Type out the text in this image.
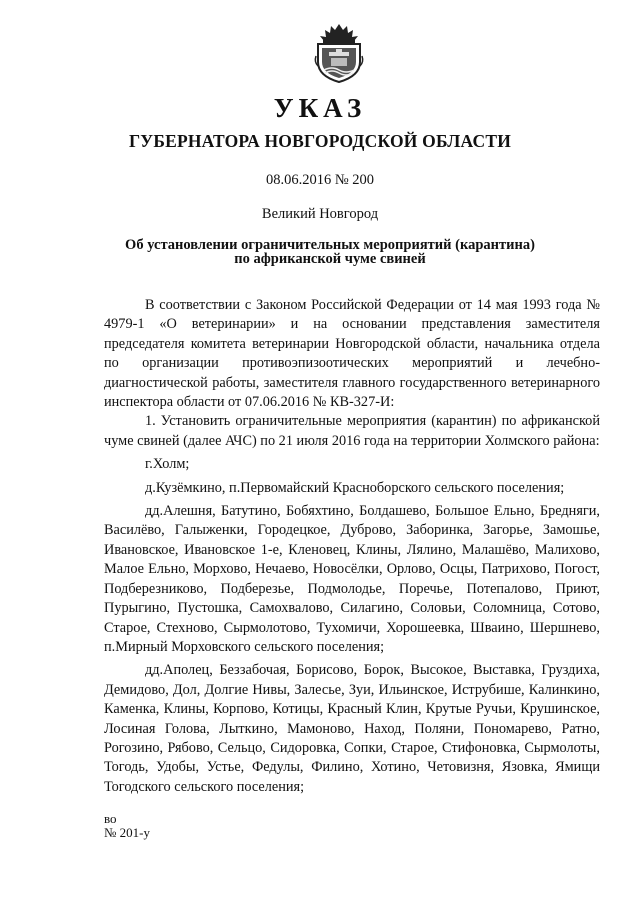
УКАЗ
ГУБЕРНАТОРА НОВГОРОДСКОЙ ОБЛАСТИ
08.06.2016 № 200
Великий Новгород
Об установлении ограничительных мероприятий (карантина)
по африканской чуме свиней

В соответствии с Законом Российской Федерации от 14 мая 1993 года № 4979-1 «О ветеринарии» и на основании представления заместителя председателя комитета ветеринарии Новгородской области, начальника отдела по организации противоэпизоотических мероприятий и лечебно-диагностической работы, заместителя главного государственного ветеринарного инспектора области от 07.06.2016 № КВ-327-И:

1. Установить ограничительные мероприятия (карантин) по африканской чуме свиней (далее АЧС) по 21 июля 2016 года на территории Холмского района:

г.Холм;

д.Кузёмкино, п.Первомайский Красноборского сельского поселения;

дд.Алешня, Батутино, Бобяхтино, Болдашево, Большое Ельно, Бредняги, Василёво, Галыженки, Городецкое, Дуброво, Заборинка, Загорье, Замошье, Ивановское, Ивановское 1-е, Кленовец, Клины, Лялино, Малашёво, Малихово, Малое Ельно, Морхово, Нечаево, Новосёлки, Орлово, Осцы, Патрихово, Погост, Подберезниково, Подберезье, Подмолодье, Поречье, Потепалово, Приют, Пурыгино, Пустошка, Самохвалово, Силагино, Соловьи, Соломница, Сотово, Старое, Стехново, Сырмолотово, Тухомичи, Хорошеевка, Шваино, Шершнево, п.Мирный Морховского сельского поселения;

дд.Аполец, Беззабочая, Борисово, Борок, Высокое, Выставка, Груздиха, Демидово, Дол, Долгие Нивы, Залесье, Зуи, Ильинское, Иструбише, Калинкино, Каменка, Клины, Корпово, Котицы, Красный Клин, Крутые Ручьи, Крушинское, Лосиная Голова, Лыткино, Мамоново, Наход, Поляни, Пономарево, Ратно, Рогозино, Рябово, Сельцо, Сидоровка, Сопки, Старое, Стифоновка, Сырмолоты, Тогодь, Удобы, Устье, Федулы, Филино, Хотино, Четовизня, Язовка, Ямищи Тогодского сельского поселения;

во
№ 201-у
